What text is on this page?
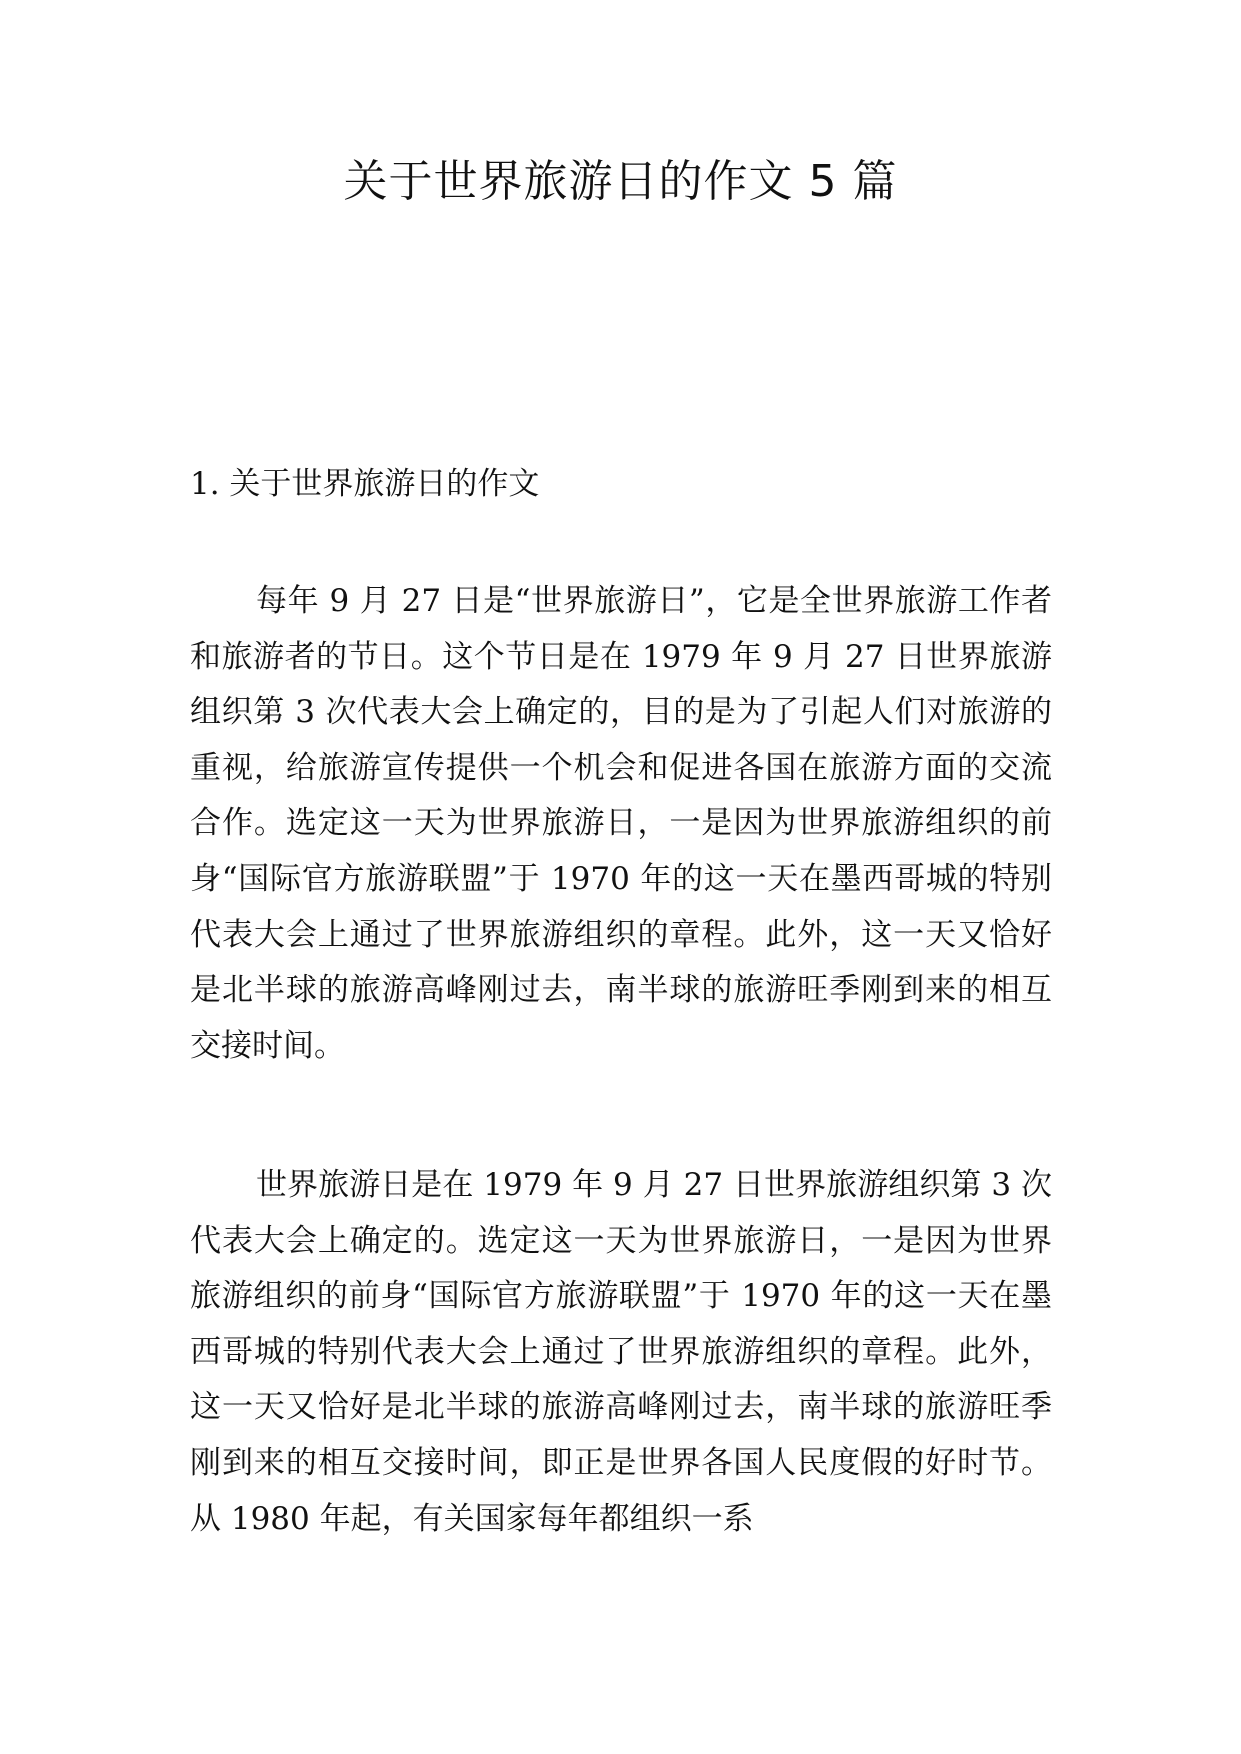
关于世界旅游日的作文 5 篇
1. 关于世界旅游日的作文

每年 9 月 27 日是“世界旅游日”，它是全世界旅游工作者和旅游者的节日。这个节日是在 1979 年 9 月 27 日世界旅游组织第 3 次代表大会上确定的，目的是为了引起人们对旅游的重视，给旅游宣传提供一个机会和促进各国在旅游方面的交流合作。选定这一天为世界旅游日，一是因为世界旅游组织的前身“国际官方旅游联盟”于 1970 年的这一天在墨西哥城的特别代表大会上通过了世界旅游组织的章程。此外，这一天又恰好是北半球的旅游高峰刚过去，南半球的旅游旺季刚到来的相互交接时间。

世界旅游日是在 1979 年 9 月 27 日世界旅游组织第 3 次代表大会上确定的。选定这一天为世界旅游日，一是因为世界旅游组织的前身“国际官方旅游联盟”于 1970 年的这一天在墨西哥城的特别代表大会上通过了世界旅游组织的章程。此外，这一天又恰好是北半球的旅游高峰刚过去，南半球的旅游旺季刚到来的相互交接时间，即正是世界各国人民度假的好时节。从 1980 年起，有关国家每年都组织一系
